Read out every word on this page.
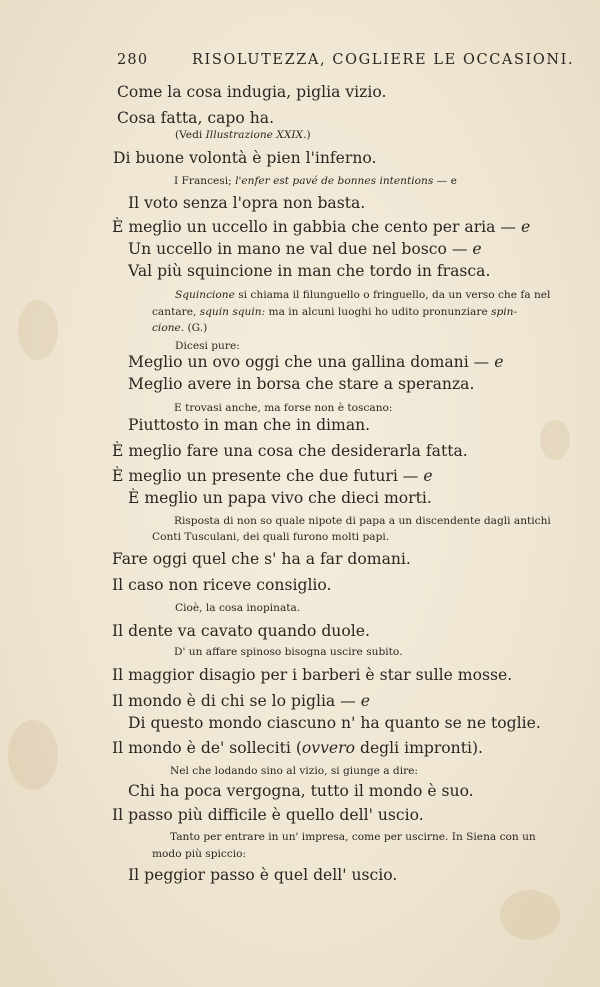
280	RISOLUTEZZA, COGLIERE LE OCCASIONI.
Come la cosa indugia, piglia vizio.
Cosa fatta, capo ha.
(Vedi Illustrazione XXIX.)
Di buone volontà è pien l'inferno.
I Francesi; l'enfer est pavé de bonnes intentions — e
Il voto senza l'opra non basta.
È meglio un uccello in gabbia che cento per aria — e
Un uccello in mano ne val due nel bosco — e
Val più squincione in man che tordo in frasca.
Squincione si chiama il filunguello o fringuello, da un verso che fa nel
cantare, squin squin: ma in alcuni luoghi ho udito pronunziare spin-
cione. (G.)
Dicesi pure:
Meglio un ovo oggi che una gallina domani — e
Meglio avere in borsa che stare a speranza.
E trovasi anche, ma forse non è toscano:
Piuttosto in man che in diman.
È meglio fare una cosa che desiderarla fatta.
È meglio un presente che due futuri — e
È meglio un papa vivo che dieci morti.
Risposta di non so quale nipote di papa a un discendente dagli antichi
Conti Tusculani, dei quali furono molti papi.
Fare oggi quel che s' ha a far domani.
Il caso non riceve consiglio.
Cioè, la cosa inopinata.
Il dente va cavato quando duole.
D' un affare spinoso bisogna uscire subito.
Il maggior disagio per i barberi è star sulle mosse.
Il mondo è di chi se lo piglia — e
Di questo mondo ciascuno n' ha quanto se ne toglie.
Il mondo è de' solleciti (ovvero degli impronti).
Nel che lodando sino al vizio, si giunge a dire:
Chi ha poca vergogna, tutto il mondo è suo.
Il passo più difficile è quello dell' uscio.
Tanto per entrare in un' impresa, come per uscirne. In Siena con un
modo più spiccio:
Il peggior passo è quel dell' uscio.
